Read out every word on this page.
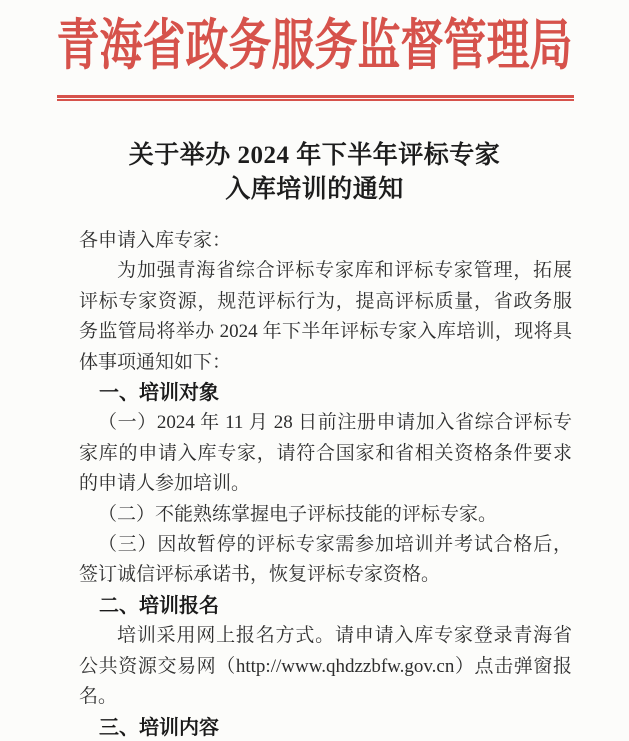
青海省政务服务监督管理局
关于举办 2024 年下半年评标专家
入库培训的通知

各申请入库专家：

为加强青海省综合评标专家库和评标专家管理，拓展评标专家资源，规范评标行为，提高评标质量，省政务服务监管局将举办 2024 年下半年评标专家入库培训，现将具体事项通知如下：

一、培训对象

（一）2024 年 11 月 28 日前注册申请加入省综合评标专家库的申请入库专家，请符合国家和省相关资格条件要求的申请人参加培训。

（二）不能熟练掌握电子评标技能的评标专家。

（三）因故暂停的评标专家需参加培训并考试合格后，签订诚信评标承诺书，恢复评标专家资格。

二、培训报名

培训采用网上报名方式。请申请入库专家登录青海省公共资源交易网（http://www.qhdzzbfw.gov.cn）点击弹窗报名。

三、培训内容
